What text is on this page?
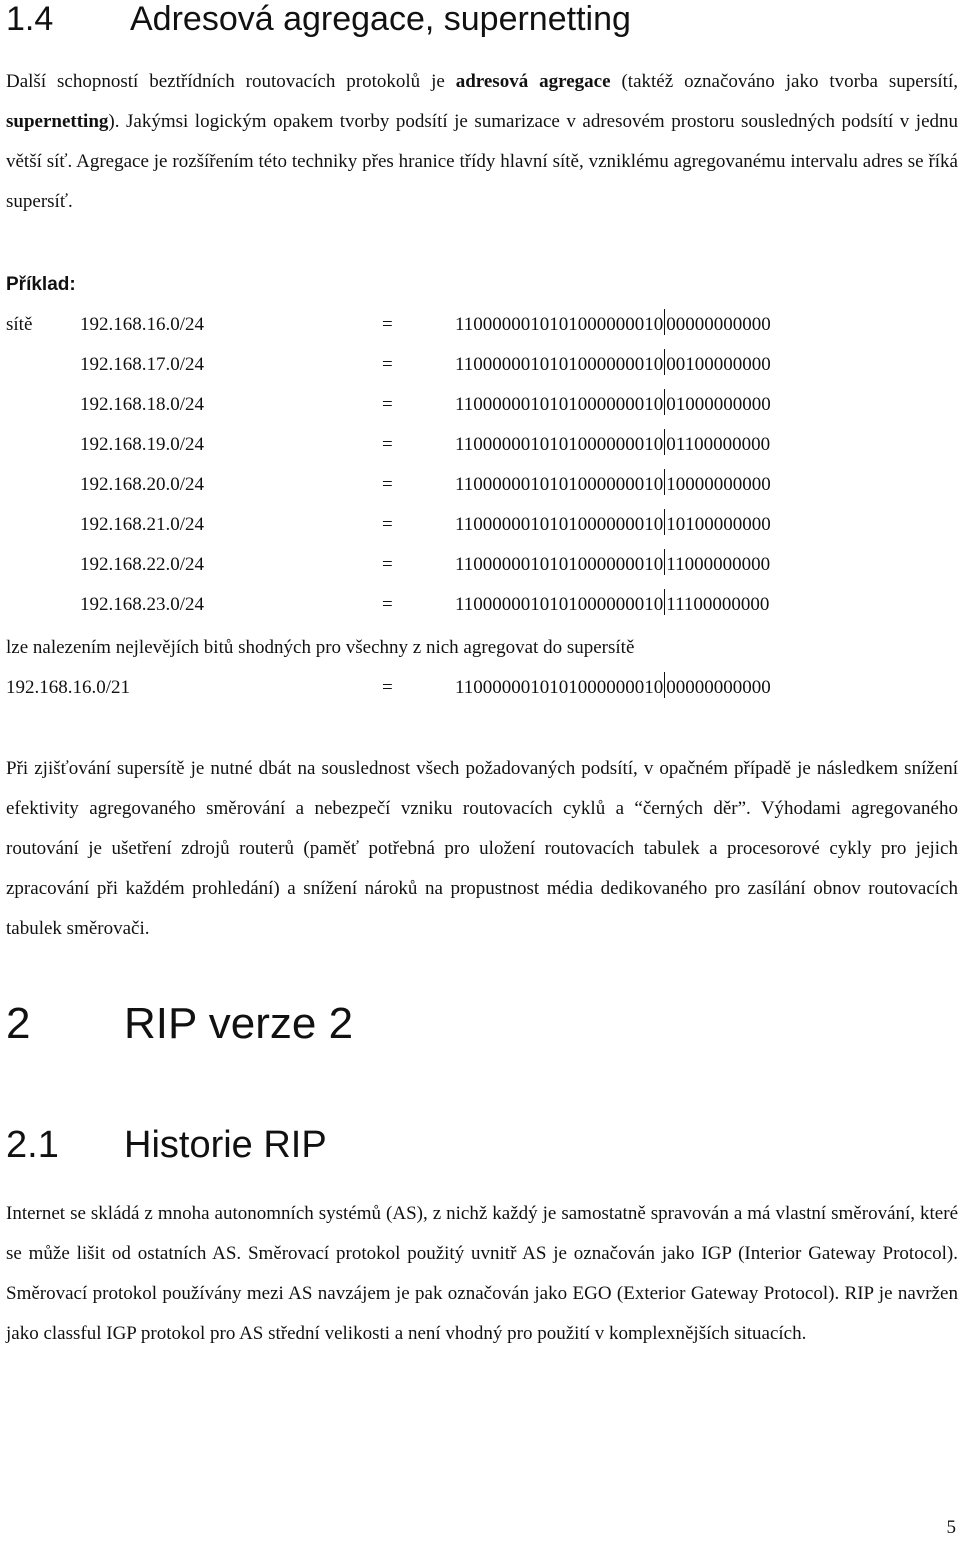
1.4 Adresová agregace, supernetting
Další schopností beztřídních routovacích protokolů je adresová agregace (taktéž označováno jako tvorba supersítí, supernetting). Jakýmsi logickým opakem tvorby podsítí je sumarizace v adresovém prostoru sousledných podsítí v jednu větší síť. Agregace je rozšířením této techniky přes hranice třídy hlavní sítě, vzniklému agregovanému intervalu adres se říká supersíť.
Příklad:
sítě	192.168.16.0/24	=	1100000010101000000010 00000000000
192.168.17.0/24	=	1100000010101000000010 00100000000
192.168.18.0/24	=	1100000010101000000010 01000000000
192.168.19.0/24	=	1100000010101000000010 01100000000
192.168.20.0/24	=	1100000010101000000010 10000000000
192.168.21.0/24	=	1100000010101000000010 10100000000
192.168.22.0/24	=	1100000010101000000010 11000000000
192.168.23.0/24	=	1100000010101000000010 11100000000
lze nalezením nejlevějích bitů shodných pro všechny z nich agregovat do supersítě
192.168.16.0/21	=	1100000010101000000010 00000000000
Při zjišťování supersítě je nutné dbát na souslednost všech požadovaných podsítí, v opačném případě je následkem snížení efektivity agregovaného směrování a nebezpečí vzniku routovacích cyklů a “černých děr”. Výhodami agregovaného routování je ušetření zdrojů routerů (paměť potřebná pro uložení routovacích tabulek a procesorové cykly pro jejich zpracování při každém prohledání) a snížení nároků na propustnost média dedikovaného pro zasílání obnov routovacích tabulek směrovači.
2 RIP verze 2
2.1 Historie RIP
Internet se skládá z mnoha autonomních systémů (AS), z nichž každý je samostatně spravován a má vlastní směrování, které se může lišit od ostatních AS. Směrovací protokol použitý uvnitř AS je označován jako IGP (Interior Gateway Protocol). Směrovací protokol používány mezi AS navzájem je pak označován jako EGO (Exterior Gateway Protocol). RIP je navržen jako classful IGP protokol pro AS střední velikosti a není vhodný pro použití v komplexnějších situacích.
5
